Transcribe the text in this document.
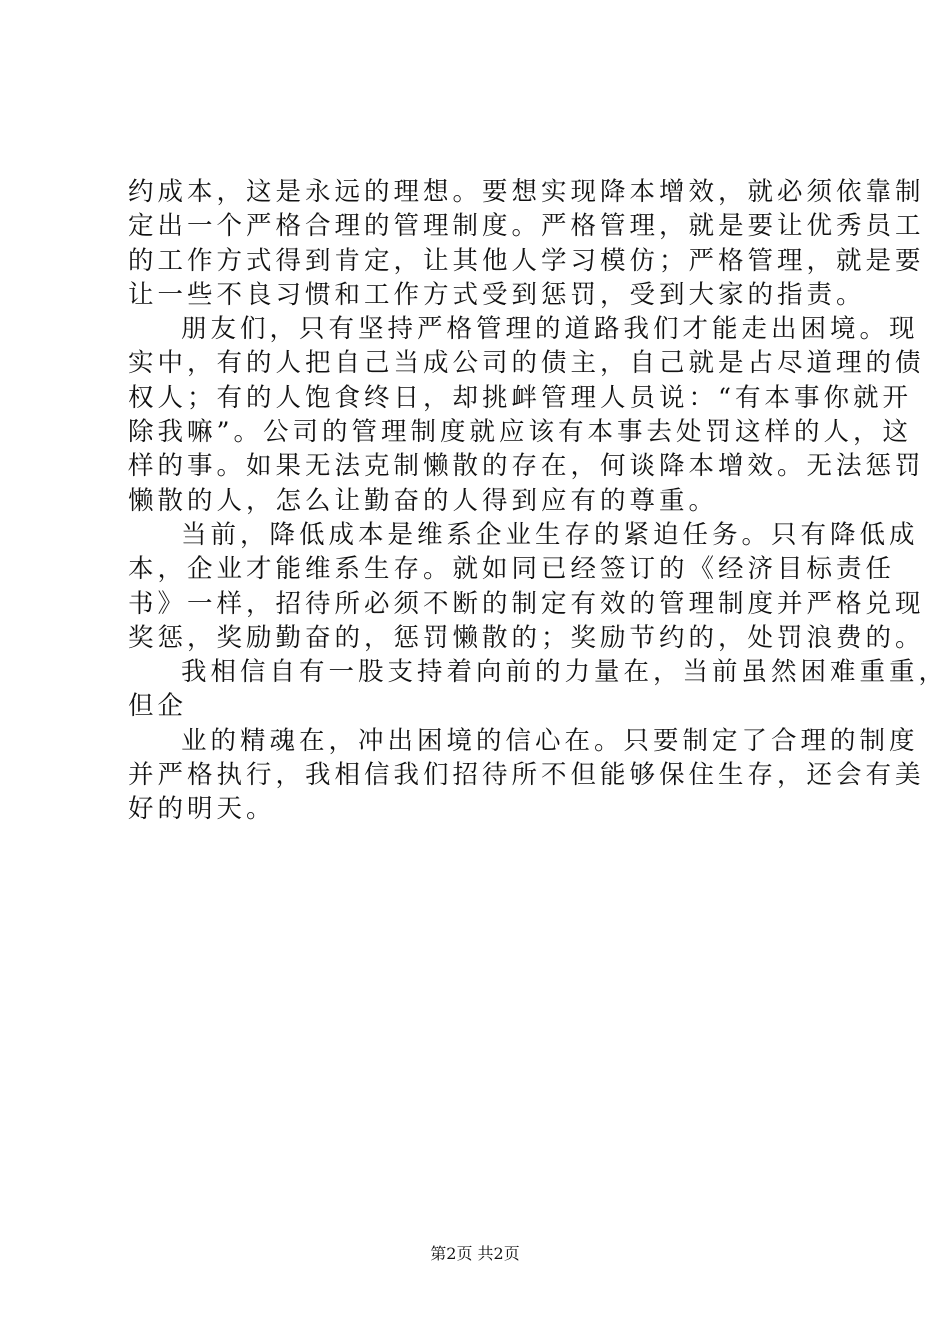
约成本，这是永远的理想。要想实现降本增效，就必须依靠制
定出一个严格合理的管理制度。严格管理，就是要让优秀员工
的工作方式得到肯定，让其他人学习模仿；严格管理，就是要
让一些不良习惯和工作方式受到惩罚，受到大家的指责。
朋友们，只有坚持严格管理的道路我们才能走出困境。现
实中，有的人把自己当成公司的债主，自己就是占尽道理的债
权人；有的人饱食终日，却挑衅管理人员说：“有本事你就开
除我嘛”。公司的管理制度就应该有本事去处罚这样的人，这
样的事。如果无法克制懒散的存在，何谈降本增效。无法惩罚
懒散的人，怎么让勤奋的人得到应有的尊重。
当前，降低成本是维系企业生存的紧迫任务。只有降低成
本，企业才能维系生存。就如同已经签订的《经济目标责任
书》一样，招待所必须不断的制定有效的管理制度并严格兑现
奖惩，奖励勤奋的，惩罚懒散的；奖励节约的，处罚浪费的。
我相信自有一股支持着向前的力量在，当前虽然困难重重，
但企
业的精魂在，冲出困境的信心在。只要制定了合理的制度
并严格执行，我相信我们招待所不但能够保住生存，还会有美
好的明天。
第2页 共2页
